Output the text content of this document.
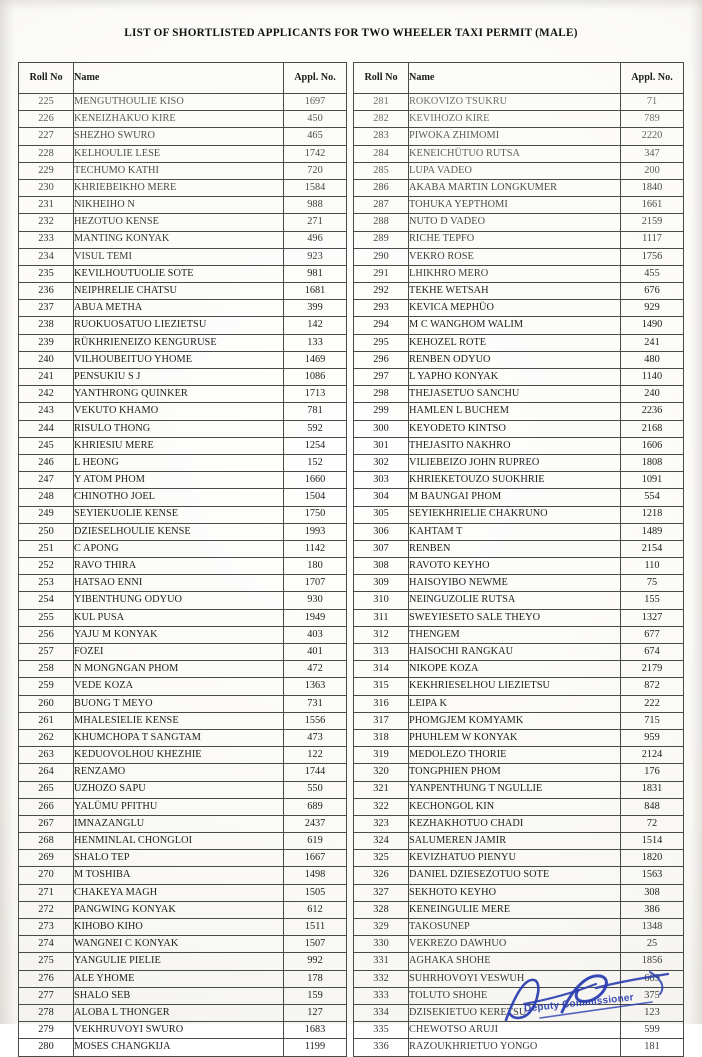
LIST OF SHORTLISTED APPLICANTS FOR TWO WHEELER TAXI PERMIT (MALE)
Roll No	Name	Appl. No.
225	MENGUTHOULIE KISO	1697
226	KENEIZHAKUO KIRE	450
227	SHEZHO SWURO	465
228	KELHOULIE LESE	1742
229	TECHUMO KATHI	720
230	KHRIEBEIKHO MERE	1584
231	NIKHEIHO N	988
232	HEZOTUO KENSE	271
233	MANTING KONYAK	496
234	VISUL TEMI	923
235	KEVILHOUTUOLIE SOTE	981
236	NEIPHRELIE CHATSU	1681
237	ABUA METHA	399
238	RUOKUOSATUO LIEZIETSU	142
239	RÜKHRIENEIZO KENGURUSE	133
240	VILHOUBEITUO YHOME	1469
241	PENSUKIU S J	1086
242	YANTHRONG QUINKER	1713
243	VEKUTO KHAMO	781
244	RISULO THONG	592
245	KHRIESIU MERE	1254
246	L HEONG	152
247	Y ATOM PHOM	1660
248	CHINOTHO JOEL	1504
249	SEYIEKUOLIE KENSE	1750
250	DZIESELHOULIE KENSE	1993
251	C APONG	1142
252	RAVO THIRA	180
253	HATSAO ENNI	1707
254	YIBENTHUNG ODYUO	930
255	KUL PUSA	1949
256	YAJU M KONYAK	403
257	FOZEI	401
258	N MONGNGAN PHOM	472
259	VEDE KOZA	1363
260	BUONG T MEYO	731
261	MHALESIELIE KENSE	1556
262	KHUMCHOPA T SANGTAM	473
263	KEDUOVOLHOU KHEZHIE	122
264	RENZAMO	1744
265	UZHOZO SAPU	550
266	YALÜMU PFITHU	689
267	IMNAZANGLU	2437
268	HENMINLAL CHONGLOI	619
269	SHALO TEP	1667
270	M TOSHIBA	1498
271	CHAKEYA MAGH	1505
272	PANGWING KONYAK	612
273	KIHOBO KIHO	1511
274	WANGNEI C KONYAK	1507
275	YANGULIE PIELIE	992
276	ALE YHOME	178
277	SHALO SEB	159
278	ALOBA L THONGER	127
279	VEKHRUVOYI SWURO	1683
280	MOSES CHANGKIJA	1199
Roll No	Name	Appl. No.
281	ROKOVIZO TSUKRU	71
282	KEVIHOZO KIRE	789
283	PIWOKA ZHIMOMI	2220
284	KENEICHÜTUO RUTSA	347
285	LUPA VADEO	200
286	AKABA MARTIN LONGKUMER	1840
287	TOHUKA YEPTHOMI	1661
288	NUTO D VADEO	2159
289	RICHE TEPFO	1117
290	VEKRO ROSE	1756
291	LHIKHRO MERO	455
292	TEKHE WETSAH	676
293	KEVICA MEPHÜO	929
294	M C WANGHOM WALIM	1490
295	KEHOZEL ROTE	241
296	RENBEN ODYUO	480
297	L YAPHO KONYAK	1140
298	THEJASETUO SANCHU	240
299	HAMLEN L BUCHEM	2236
300	KEYODETO KINTSO	2168
301	THEJASITO NAKHRO	1606
302	VILIEBEIZO JOHN RUPREO	1808
303	KHRIEKETOUZO SUOKHRIE	1091
304	M BAUNGAI PHOM	554
305	SEYIEKHRIELIE CHAKRUNO	1218
306	KAHTAM T	1489
307	RENBEN	2154
308	RAVOTO KEYHO	110
309	HAISOYIBO NEWME	75
310	NEINGUZOLIE RUTSA	155
311	SWEYIESETO SALE THEYO	1327
312	THENGEM	677
313	HAISOCHI RANGKAU	674
314	NIKOPE KOZA	2179
315	KEKHRIESELHOU LIEZIETSU	872
316	LEIPA K	222
317	PHOMGJEM KOMYAMK	715
318	PHUHLEM W KONYAK	959
319	MEDOLEZO THORIE	2124
320	TONGPHIEN PHOM	176
321	YANPENTHUNG T NGULLIE	1831
322	KECHONGOL KIN	848
323	KEZHAKHOTUO CHADI	72
324	SALUMEREN JAMIR	1514
325	KEVIZHATUO PIENYU	1820
326	DANIEL DZIESEZOTUO SOTE	1563
327	SEKHOTO KEYHO	308
328	KENEINGULIE MERE	386
329	TAKOSUNEP	1348
330	VEKREZO DAWHUO	25
331	AGHAKA SHOHE	1856
332	SUHRHOVOYI VESWUH	669
333	TOLUTO SHOHE	375
334	DZISEKIETUO KERETSU	123
335	CHEWOTSO ARUJI	599
336	RAZOUKHRIETUO YONGO	181
Deputy Commissioner
